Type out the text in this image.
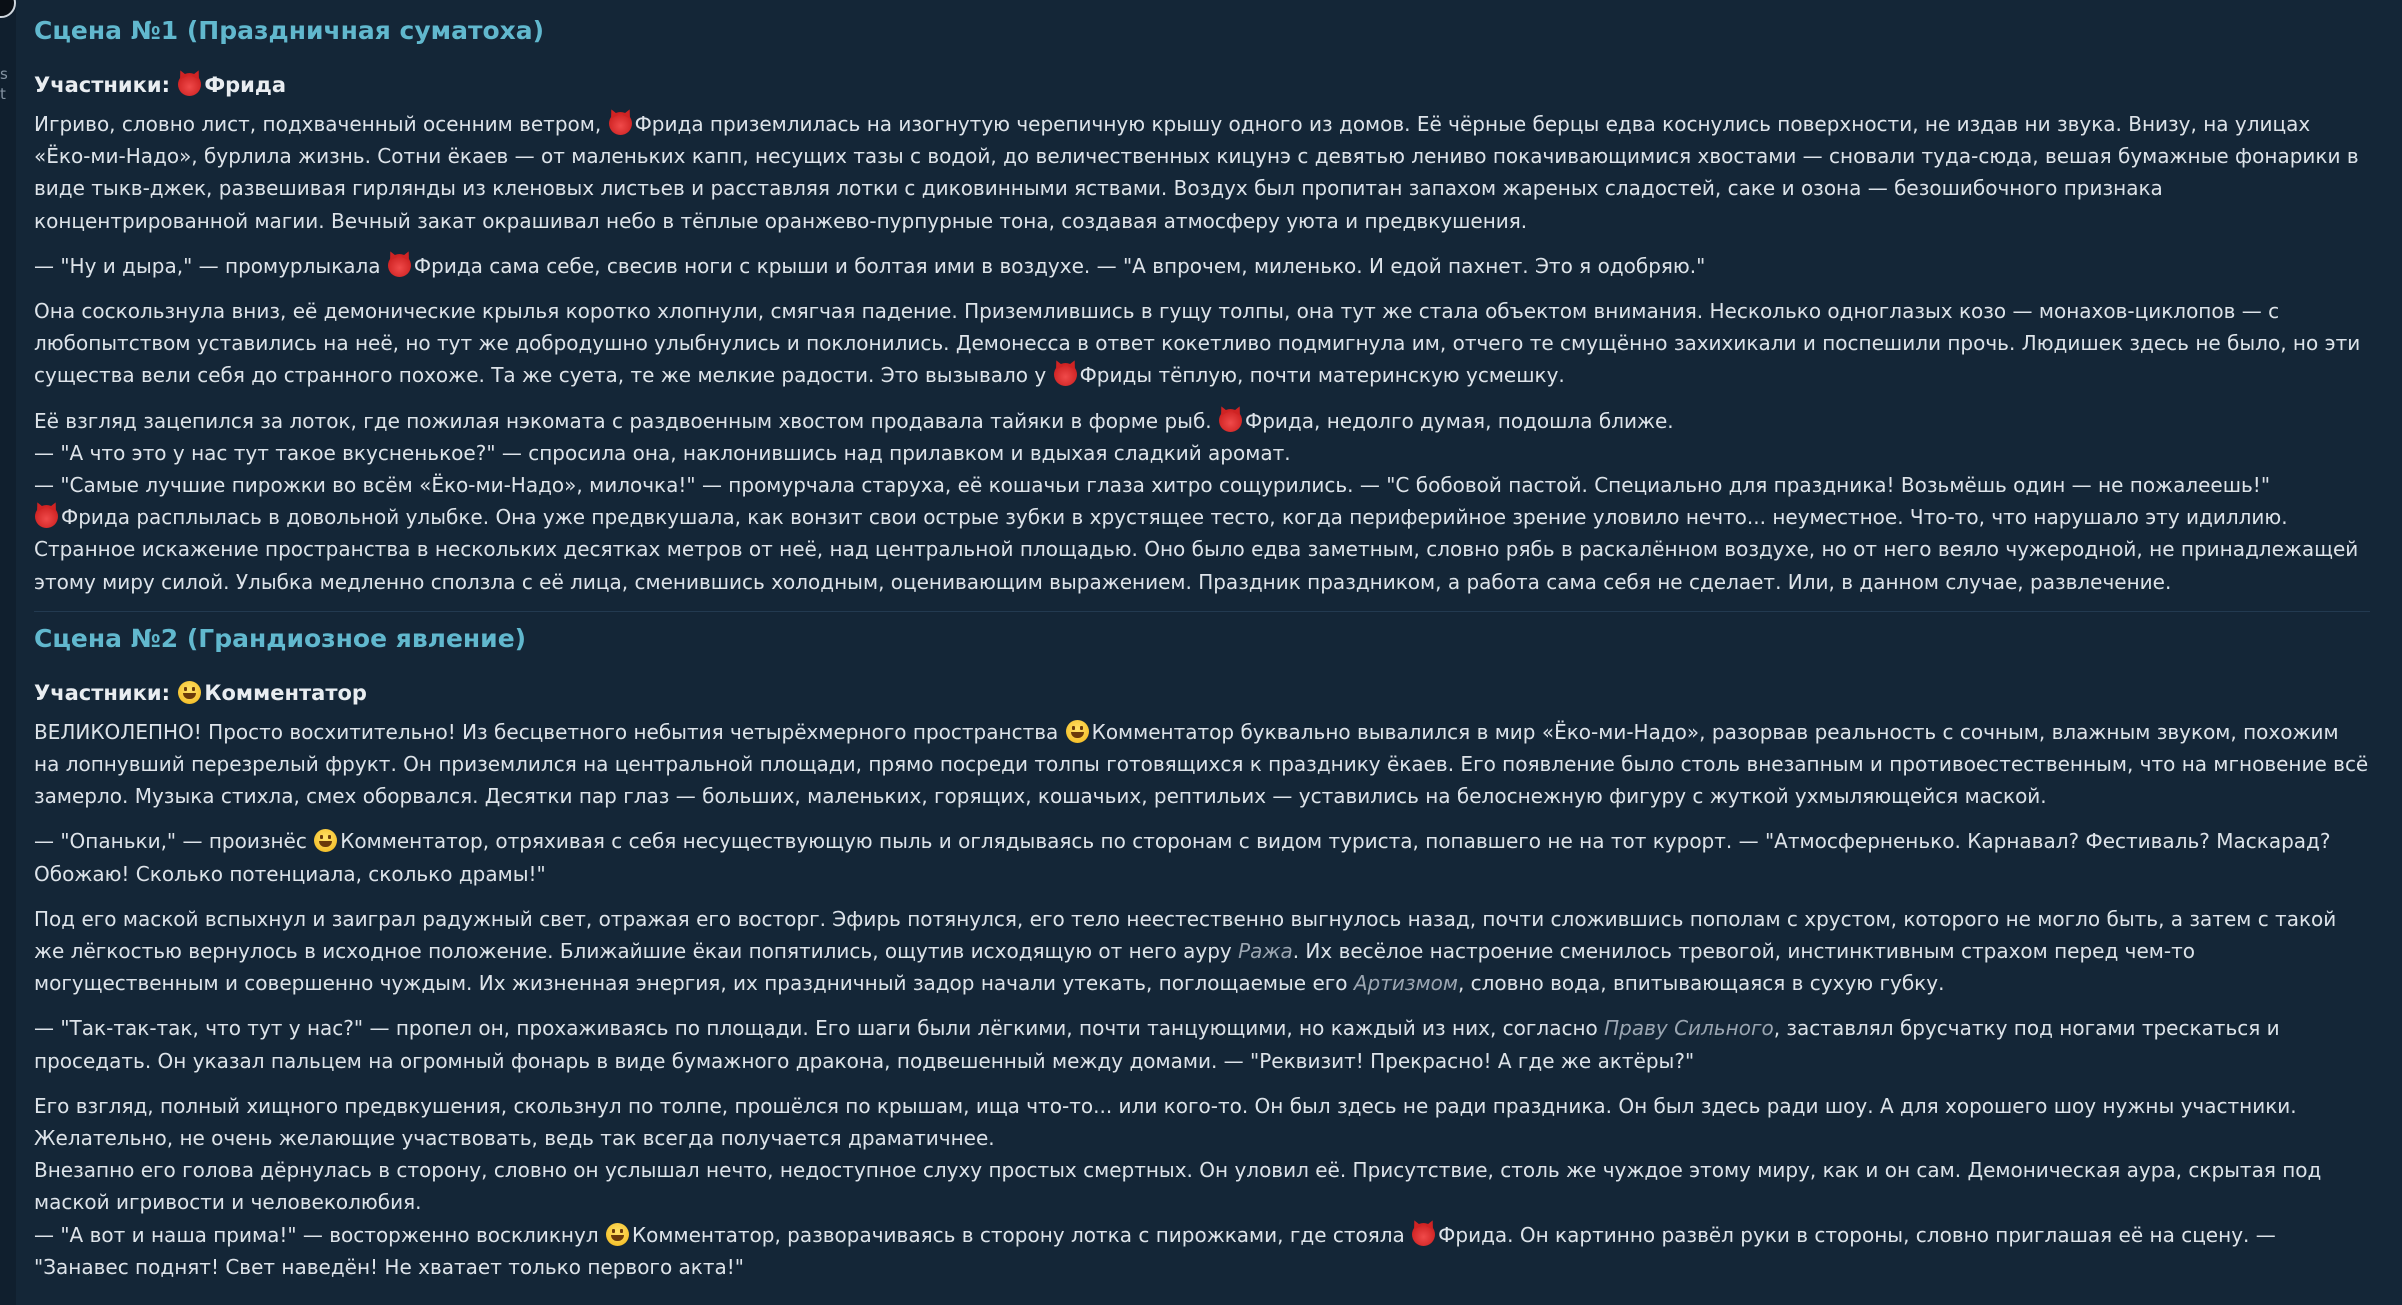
s
t
Сцена №1 (Праздничная суматоха)
Участники: Фрида

Игриво, словно лист, подхваченный осенним ветром, Фрида приземлилась на изогнутую черепичную крышу одного из домов. Её чёрные берцы едва коснулись поверхности, не издав ни звука. Внизу, на улицах «Ёко-ми-Надо», бурлила жизнь. Сотни ёкаев — от маленьких капп, несущих тазы с водой, до величественных кицунэ с девятью лениво покачивающимися хвостами — сновали туда-сюда, вешая бумажные фонарики в виде тыкв-джек, развешивая гирлянды из кленовых листьев и расставляя лотки с диковинными яствами. Воздух был пропитан запахом жареных сладостей, саке и озона — безошибочного признака концентрированной магии. Вечный закат окрашивал небо в тёплые оранжево-пурпурные тона, создавая атмосферу уюта и предвкушения.

— "Ну и дыра," — промурлыкала Фрида сама себе, свесив ноги с крыши и болтая ими в воздухе. — "А впрочем, миленько. И едой пахнет. Это я одобряю."

Она соскользнула вниз, её демонические крылья коротко хлопнули, смягчая падение. Приземлившись в гущу толпы, она тут же стала объектом внимания. Несколько одноглазых козо — монахов-циклопов — с любопытством уставились на неё, но тут же добродушно улыбнулись и поклонились. Демонесса в ответ кокетливо подмигнула им, отчего те смущённо захихикали и поспешили прочь. Людишек здесь не было, но эти существа вели себя до странного похоже. Та же суета, те же мелкие радости. Это вызывало у Фриды тёплую, почти материнскую усмешку.

Её взгляд зацепился за лоток, где пожилая нэкомата с раздвоенным хвостом продавала тайяки в форме рыб. Фрида, недолго думая, подошла ближе.
— "А что это у нас тут такое вкусненькое?" — спросила она, наклонившись над прилавком и вдыхая сладкий аромат.
— "Самые лучшие пирожки во всём «Ёко-ми-Надо», милочка!" — промурчала старуха, её кошачьи глаза хитро сощурились. — "С бобовой пастой. Специально для праздника! Возьмёшь один — не пожалеешь!"
Фрида расплылась в довольной улыбке. Она уже предвкушала, как вонзит свои острые зубки в хрустящее тесто, когда периферийное зрение уловило нечто... неуместное. Что-то, что нарушало эту идиллию. Странное искажение пространства в нескольких десятках метров от неё, над центральной площадью. Оно было едва заметным, словно рябь в раскалённом воздухе, но от него веяло чужеродной, не принадлежащей этому миру силой. Улыбка медленно сползла с её лица, сменившись холодным, оценивающим выражением. Праздник праздником, а работа сама себя не сделает. Или, в данном случае, развлечение.

Сцена №2 (Грандиозное явление)
Участники: Комментатор

ВЕЛИКОЛЕПНО! Просто восхитительно! Из бесцветного небытия четырёхмерного пространства Комментатор буквально вывалился в мир «Ёко-ми-Надо», разорвав реальность с сочным, влажным звуком, похожим на лопнувший перезрелый фрукт. Он приземлился на центральной площади, прямо посреди толпы готовящихся к празднику ёкаев. Его появление было столь внезапным и противоестественным, что на мгновение всё замерло. Музыка стихла, смех оборвался. Десятки пар глаз — больших, маленьких, горящих, кошачьих, рептильих — уставились на белоснежную фигуру с жуткой ухмыляющейся маской.

— "Опаньки," — произнёс Комментатор, отряхивая с себя несуществующую пыль и оглядываясь по сторонам с видом туриста, попавшего не на тот курорт. — "Атмосферненько. Карнавал? Фестиваль? Маскарад? Обожаю! Сколько потенциала, сколько драмы!"

Под его маской вспыхнул и заиграл радужный свет, отражая его восторг. Эфирь потянулся, его тело неестественно выгнулось назад, почти сложившись пополам с хрустом, которого не могло быть, а затем с такой же лёгкостью вернулось в исходное положение. Ближайшие ёкаи попятились, ощутив исходящую от него ауру Ража. Их весёлое настроение сменилось тревогой, инстинктивным страхом перед чем-то могущественным и совершенно чуждым. Их жизненная энергия, их праздничный задор начали утекать, поглощаемые его Артизмом, словно вода, впитывающаяся в сухую губку.

— "Так-так-так, что тут у нас?" — пропел он, прохаживаясь по площади. Его шаги были лёгкими, почти танцующими, но каждый из них, согласно Праву Сильного, заставлял брусчатку под ногами трескаться и проседать. Он указал пальцем на огромный фонарь в виде бумажного дракона, подвешенный между домами. — "Реквизит! Прекрасно! А где же актёры?"

Его взгляд, полный хищного предвкушения, скользнул по толпе, прошёлся по крышам, ища что-то... или кого-то. Он был здесь не ради праздника. Он был здесь ради шоу. А для хорошего шоу нужны участники. Желательно, не очень желающие участвовать, ведь так всегда получается драматичнее.
Внезапно его голова дёрнулась в сторону, словно он услышал нечто, недоступное слуху простых смертных. Он уловил её. Присутствие, столь же чуждое этому миру, как и он сам. Демоническая аура, скрытая под маской игривости и человеколюбия.
— "А вот и наша прима!" — восторженно воскликнул Комментатор, разворачиваясь в сторону лотка с пирожками, где стояла Фрида. Он картинно развёл руки в стороны, словно приглашая её на сцену. — "Занавес поднят! Свет наведён! Не хватает только первого акта!"
